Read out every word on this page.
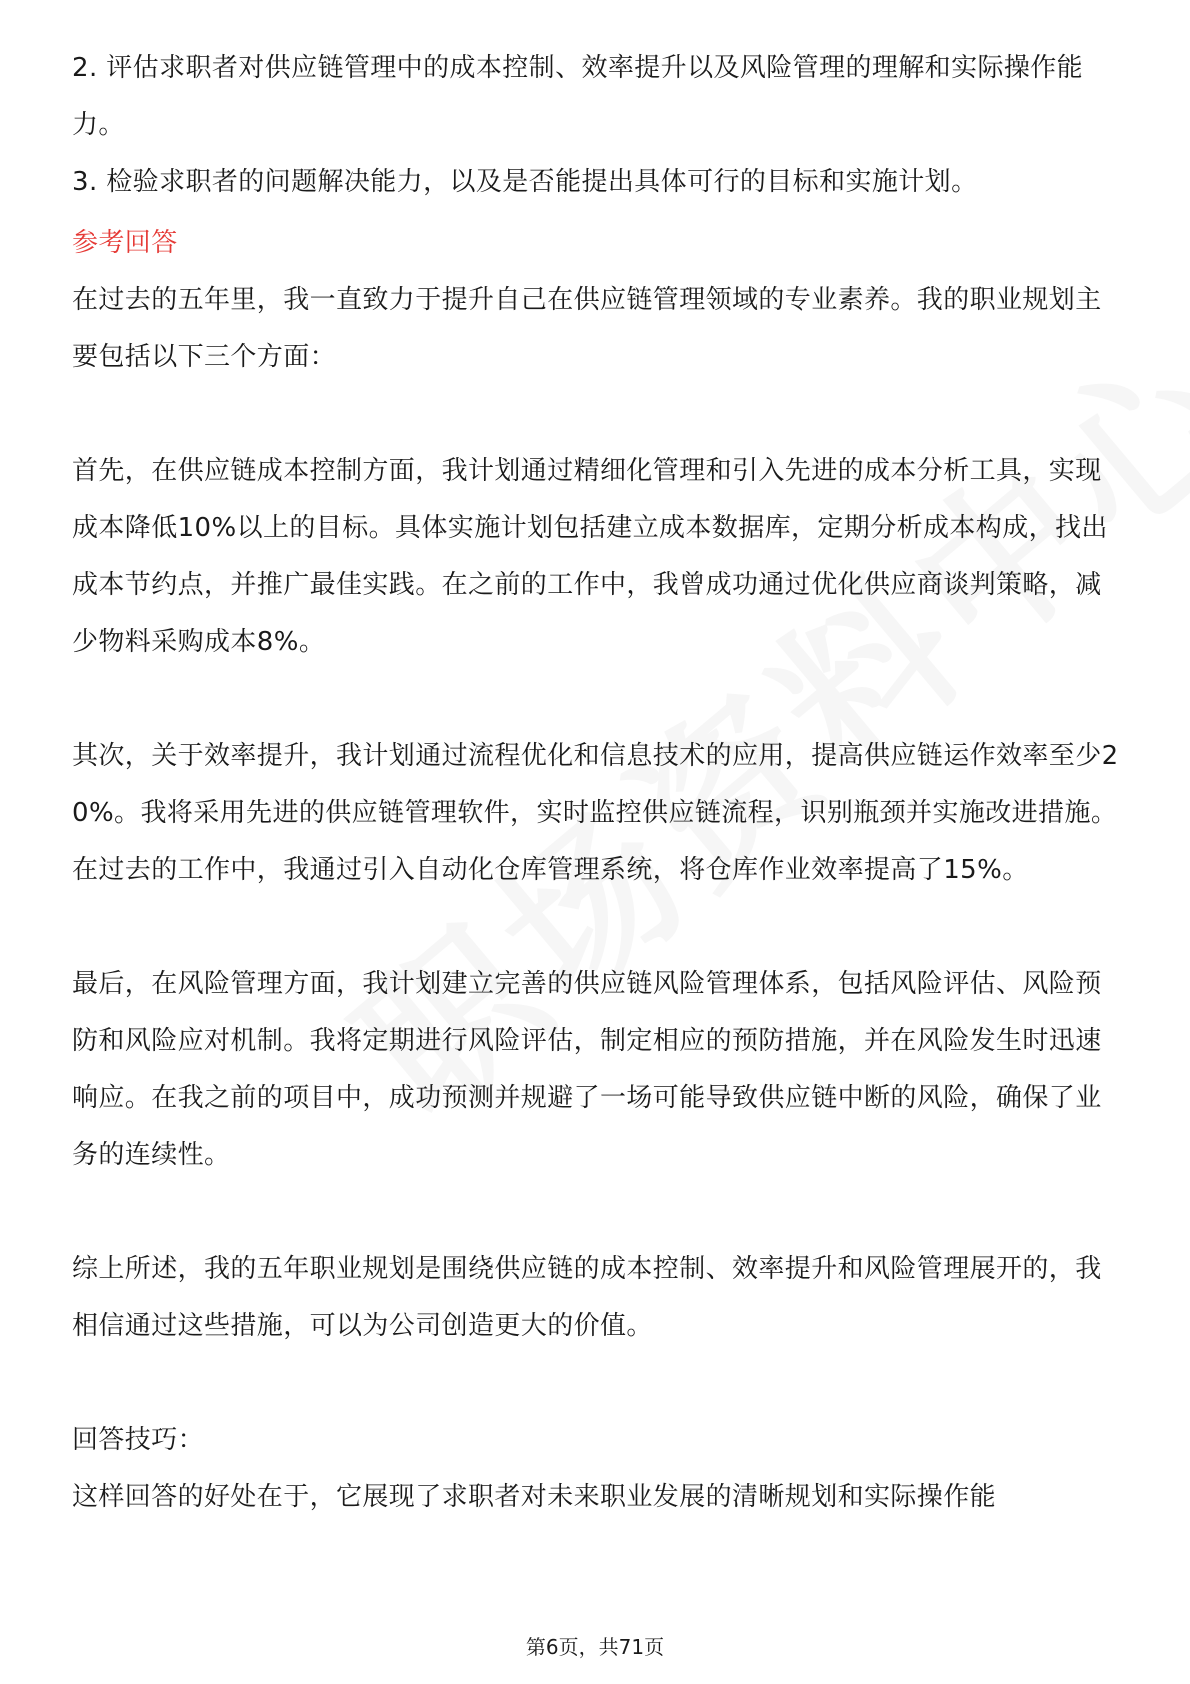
2. 评估求职者对供应链管理中的成本控制、效率提升以及风险管理的理解和实际操作能力。

3. 检验求职者的问题解决能力，以及是否能提出具体可行的目标和实施计划。

参考回答

在过去的五年里，我一直致力于提升自己在供应链管理领域的专业素养。我的职业规划主要包括以下三个方面：

首先，在供应链成本控制方面，我计划通过精细化管理和引入先进的成本分析工具，实现成本降低10%以上的目标。具体实施计划包括建立成本数据库，定期分析成本构成，找出成本节约点，并推广最佳实践。在之前的工作中，我曾成功通过优化供应商谈判策略，减少物料采购成本8%。

其次，关于效率提升，我计划通过流程优化和信息技术的应用，提高供应链运作效率至少20%。我将采用先进的供应链管理软件，实时监控供应链流程，识别瓶颈并实施改进措施。在过去的工作中，我通过引入自动化仓库管理系统，将仓库作业效率提高了15%。

最后，在风险管理方面，我计划建立完善的供应链风险管理体系，包括风险评估、风险预防和风险应对机制。我将定期进行风险评估，制定相应的预防措施，并在风险发生时迅速响应。在我之前的项目中，成功预测并规避了一场可能导致供应链中断的风险，确保了业务的连续性。

综上所述，我的五年职业规划是围绕供应链的成本控制、效率提升和风险管理展开的，我相信通过这些措施，可以为公司创造更大的价值。

回答技巧：

这样回答的好处在于，它展现了求职者对未来职业发展的清晰规划和实际操作能

第6页，共71页
